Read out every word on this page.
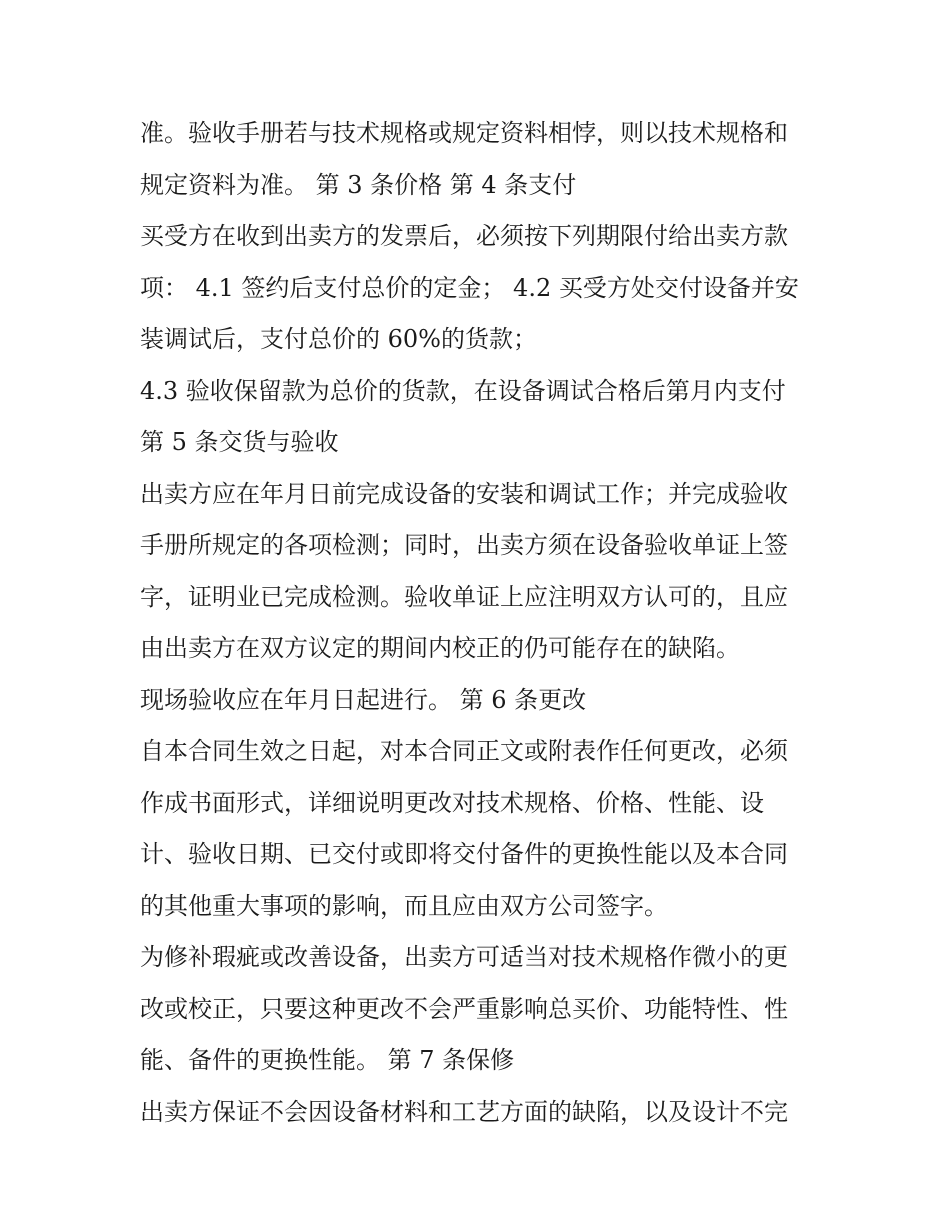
准。验收手册若与技术规格或规定资料相悖，则以技术规格和
规定资料为准。 第 3 条价格 第 4 条支付
买受方在收到出卖方的发票后，必须按下列期限付给出卖方款
项： 4.1 签约后支付总价的定金； 4.2 买受方处交付设备并安
装调试后，支付总价的 60%的货款；
4.3 验收保留款为总价的货款，在设备调试合格后第月内支付
第 5 条交货与验收
出卖方应在年月日前完成设备的安装和调试工作；并完成验收
手册所规定的各项检测；同时，出卖方须在设备验收单证上签
字，证明业已完成检测。验收单证上应注明双方认可的，且应
由出卖方在双方议定的期间内校正的仍可能存在的缺陷。
现场验收应在年月日起进行。 第 6 条更改
自本合同生效之日起，对本合同正文或附表作任何更改，必须
作成书面形式，详细说明更改对技术规格、价格、性能、设
计、验收日期、已交付或即将交付备件的更换性能以及本合同
的其他重大事项的影响，而且应由双方公司签字。
为修补瑕疵或改善设备，出卖方可适当对技术规格作微小的更
改或校正，只要这种更改不会严重影响总买价、功能特性、性
能、备件的更换性能。 第 7 条保修
出卖方保证不会因设备材料和工艺方面的缺陷，以及设计不完
